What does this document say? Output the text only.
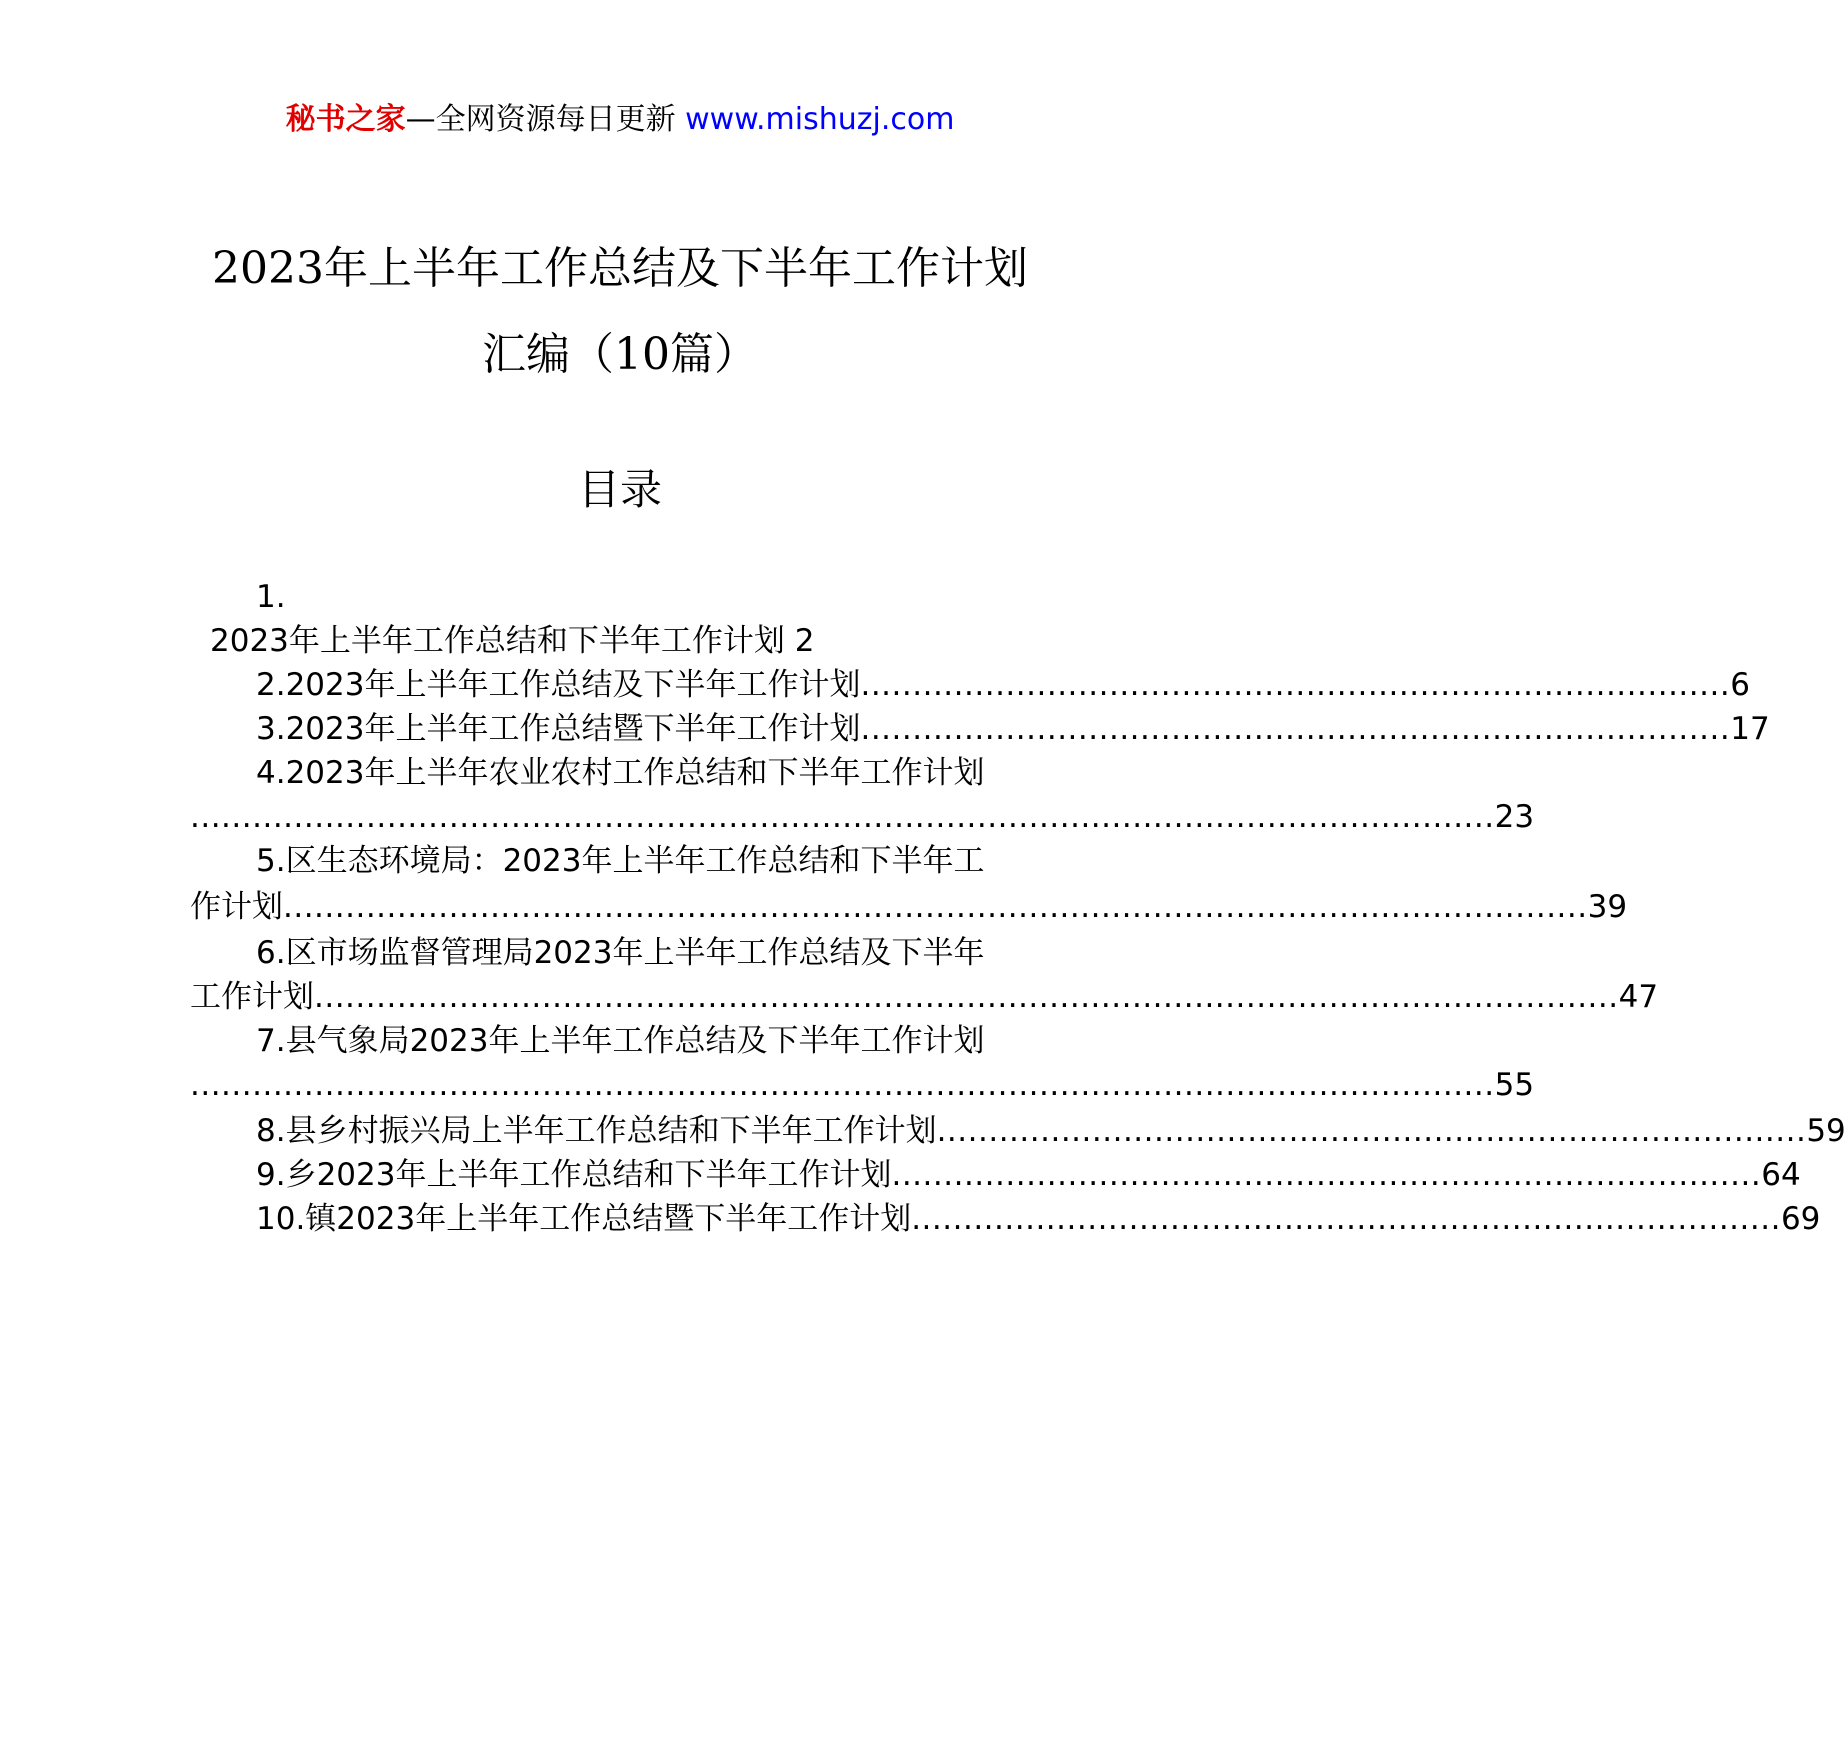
秘书之家—全网资源每日更新 www.mishuzj.com
2023年上半年工作总结及下半年工作计划
汇编（10篇）
目录
1.
2023年上半年工作总结和下半年工作计划 2
2.2023年上半年工作总结及下半年工作计划 .................................................................................... 6
3.2023年上半年工作总结暨下半年工作计划 .................................................................................... 17
4.2023年上半年农业农村工作总结和下半年工作计划
.............................................................................................................................. 23
5.区生态环境局：2023年上半年工作总结和下半年工
作计划 .............................................................................................................................. 39
6.区市场监督管理局2023年上半年工作总结及下半年
工作计划 .............................................................................................................................. 47
7.县气象局2023年上半年工作总结及下半年工作计划
.............................................................................................................................. 55
8.县乡村振兴局上半年工作总结和下半年工作计划 .................................................................................... 59
9.乡2023年上半年工作总结和下半年工作计划 .................................................................................... 64
10.镇2023年上半年工作总结暨下半年工作计划 .................................................................................... 69
